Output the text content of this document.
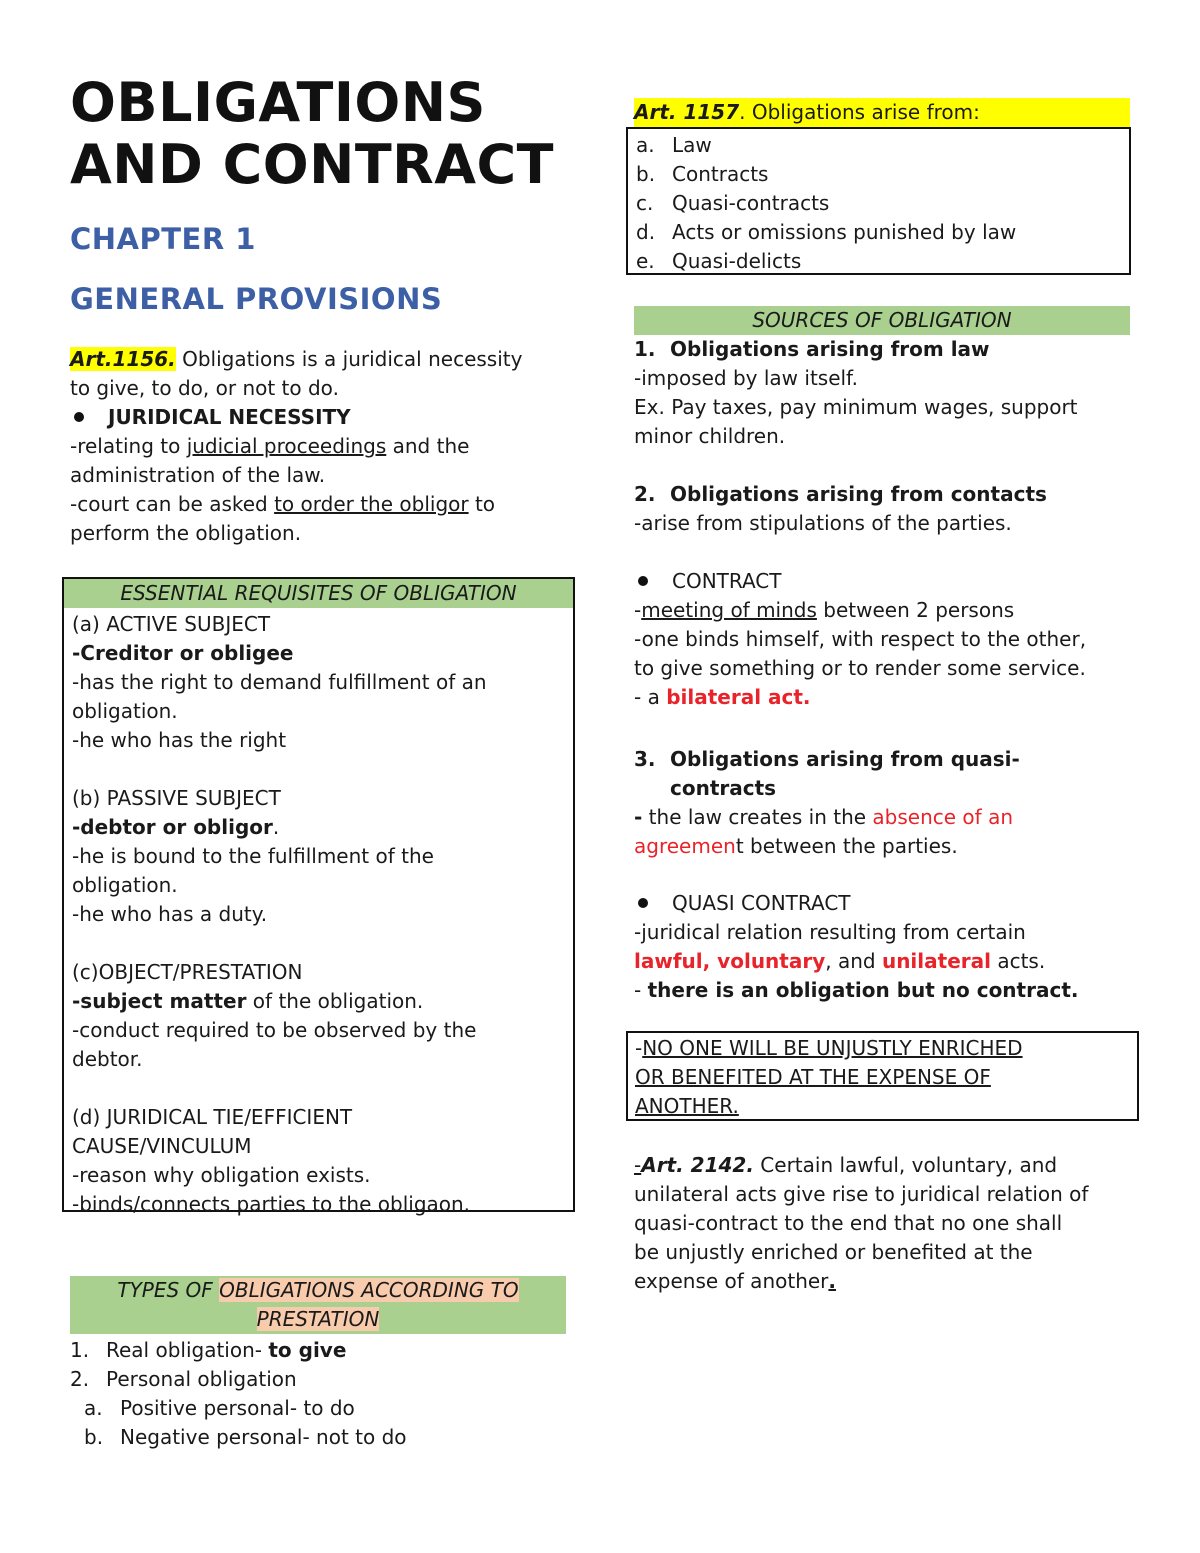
OBLIGATIONS
AND CONTRACT
CHAPTER 1
GENERAL PROVISIONS
Art.1156. Obligations is a juridical necessity
to give, to do, or not to do.
JURIDICAL NECESSITY
-relating to judicial proceedings and the
administration of the law.
-court can be asked to order the obligor to
perform the obligation.
ESSENTIAL REQUISITES OF OBLIGATION
(a) ACTIVE SUBJECT
-Creditor or obligee
-has the right to demand fulfillment of an
obligation.
-he who has the right
(b) PASSIVE SUBJECT
-debtor or obligor.
-he is bound to the fulfillment of the
obligation.
-he who has a duty.
(c)OBJECT/PRESTATION
-subject matter of the obligation.
-conduct required to be observed by the
debtor.
(d) JURIDICAL TIE/EFFICIENT
CAUSE/VINCULUM
-reason why obligation exists.
-binds/connects parties to the obligaon.
TYPES OF OBLIGATIONS ACCORDING TO
PRESTATION
1. Real obligation- to give
2. Personal obligation
a. Positive personal- to do
b. Negative personal- not to do
Art. 1157. Obligations arise from:
a. Law
b. Contracts
c. Quasi-contracts
d. Acts or omissions punished by law
e. Quasi-delicts
SOURCES OF OBLIGATION
1. Obligations arising from law
-imposed by law itself.
Ex. Pay taxes, pay minimum wages, support
minor children.
2. Obligations arising from contacts
-arise from stipulations of the parties.
CONTRACT
-meeting of minds between 2 persons
-one binds himself, with respect to the other,
to give something or to render some service.
- a bilateral act.
3. Obligations arising from quasi-
contracts
- the law creates in the absence of an
agreement between the parties.
QUASI CONTRACT
-juridical relation resulting from certain
lawful, voluntary, and unilateral acts.
- there is an obligation but no contract.
-NO ONE WILL BE UNJUSTLY ENRICHED
OR BENEFITED AT THE EXPENSE OF
ANOTHER.
-Art. 2142. Certain lawful, voluntary, and
unilateral acts give rise to juridical relation of
quasi-contract to the end that no one shall
be unjustly enriched or benefited at the
expense of another.
